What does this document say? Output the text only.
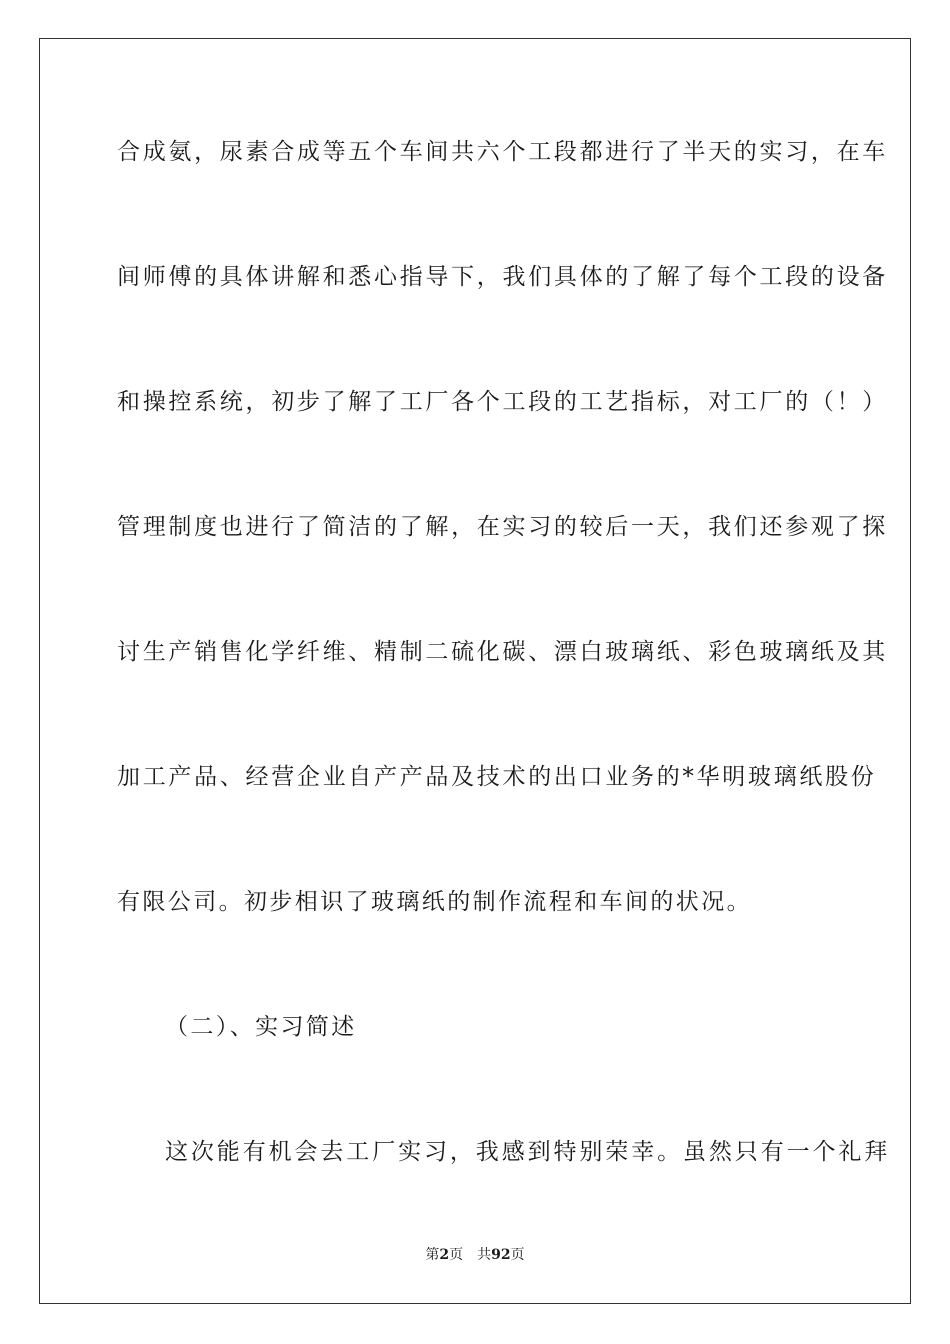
合成氨，尿素合成等五个车间共六个工段都进行了半天的实习，在车
间师傅的具体讲解和悉心指导下，我们具体的了解了每个工段的设备
和操控系统，初步了解了工厂各个工段的工艺指标，对工厂的（！）
管理制度也进行了简洁的了解，在实习的较后一天，我们还参观了探
讨生产销售化学纤维、精制二硫化碳、漂白玻璃纸、彩色玻璃纸及其
加工产品、经营企业自产产品及技术的出口业务的*华明玻璃纸股份
有限公司。初步相识了玻璃纸的制作流程和车间的状况。
（二）、实习简述
这次能有机会去工厂实习，我感到特别荣幸。虽然只有一个礼拜
第2页 共92页
